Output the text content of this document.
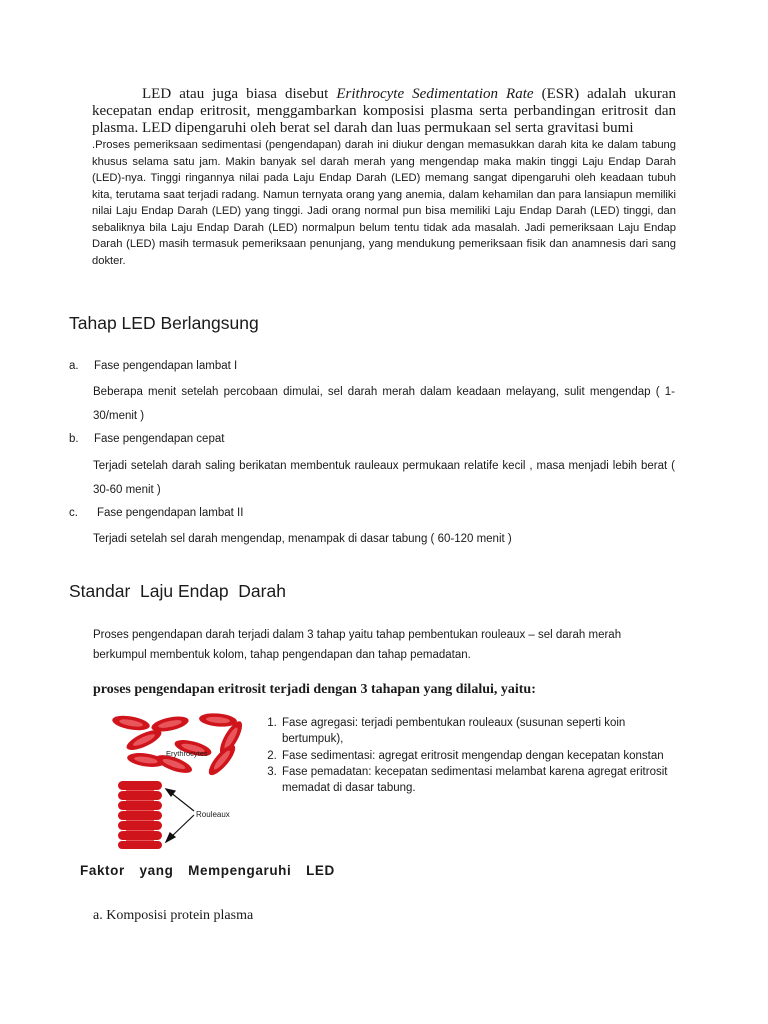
LED atau juga biasa disebut Erithrocyte Sedimentation Rate (ESR) adalah ukuran kecepatan endap eritrosit, menggambarkan komposisi plasma serta perbandingan eritrosit dan plasma. LED dipengaruhi oleh berat sel darah dan luas permukaan sel serta gravitasi bumi

.Proses pemeriksaan sedimentasi (pengendapan) darah ini diukur dengan memasukkan darah kita ke dalam tabung khusus selama satu jam. Makin banyak sel darah merah yang mengendap maka makin tinggi Laju Endap Darah (LED)-nya. Tinggi ringannya nilai pada Laju Endap Darah (LED) memang sangat dipengaruhi oleh keadaan tubuh kita, terutama saat terjadi radang. Namun ternyata orang yang anemia, dalam kehamilan dan para lansiapun memiliki nilai Laju Endap Darah (LED) yang tinggi. Jadi orang normal pun bisa memiliki Laju Endap Darah (LED) tinggi, dan sebaliknya bila Laju Endap Darah (LED) normalpun belum tentu tidak ada masalah. Jadi pemeriksaan Laju Endap Darah (LED) masih termasuk pemeriksaan penunjang, yang mendukung pemeriksaan fisik dan anamnesis dari sang dokter.

Tahap LED Berlangsung
a. Fase pengendapan lambat I
Beberapa menit setelah percobaan dimulai, sel darah merah dalam keadaan melayang, sulit mengendap ( 1-30/menit )
b. Fase pengendapan cepat
Terjadi setelah darah saling berikatan membentuk rauleaux permukaan relatife kecil , masa menjadi lebih berat ( 30-60 menit )
c. Fase pengendapan lambat II
Terjadi setelah sel darah mengendap, menampak di dasar tabung ( 60-120 menit )
Standar  Laju Endap  Darah
Proses pengendapan darah terjadi dalam 3 tahap yaitu tahap pembentukan rouleaux – sel darah merah berkumpul membentuk kolom, tahap pengendapan dan tahap pemadatan.
proses pengendapan eritrosit terjadi dengan 3 tahapan yang dilalui, yaitu:
Erythrocytes
Rouleaux
1. Fase agregasi: terjadi pembentukan rouleaux (susunan seperti koin bertumpuk),
2. Fase sedimentasi: agregat eritrosit mengendap dengan kecepatan konstan
3. Fase pemadatan: kecepatan sedimentasi melambat karena agregat eritrosit memadat di dasar tabung.
Faktor  yang  Mempengaruhi  LED
a. Komposisi protein plasma
